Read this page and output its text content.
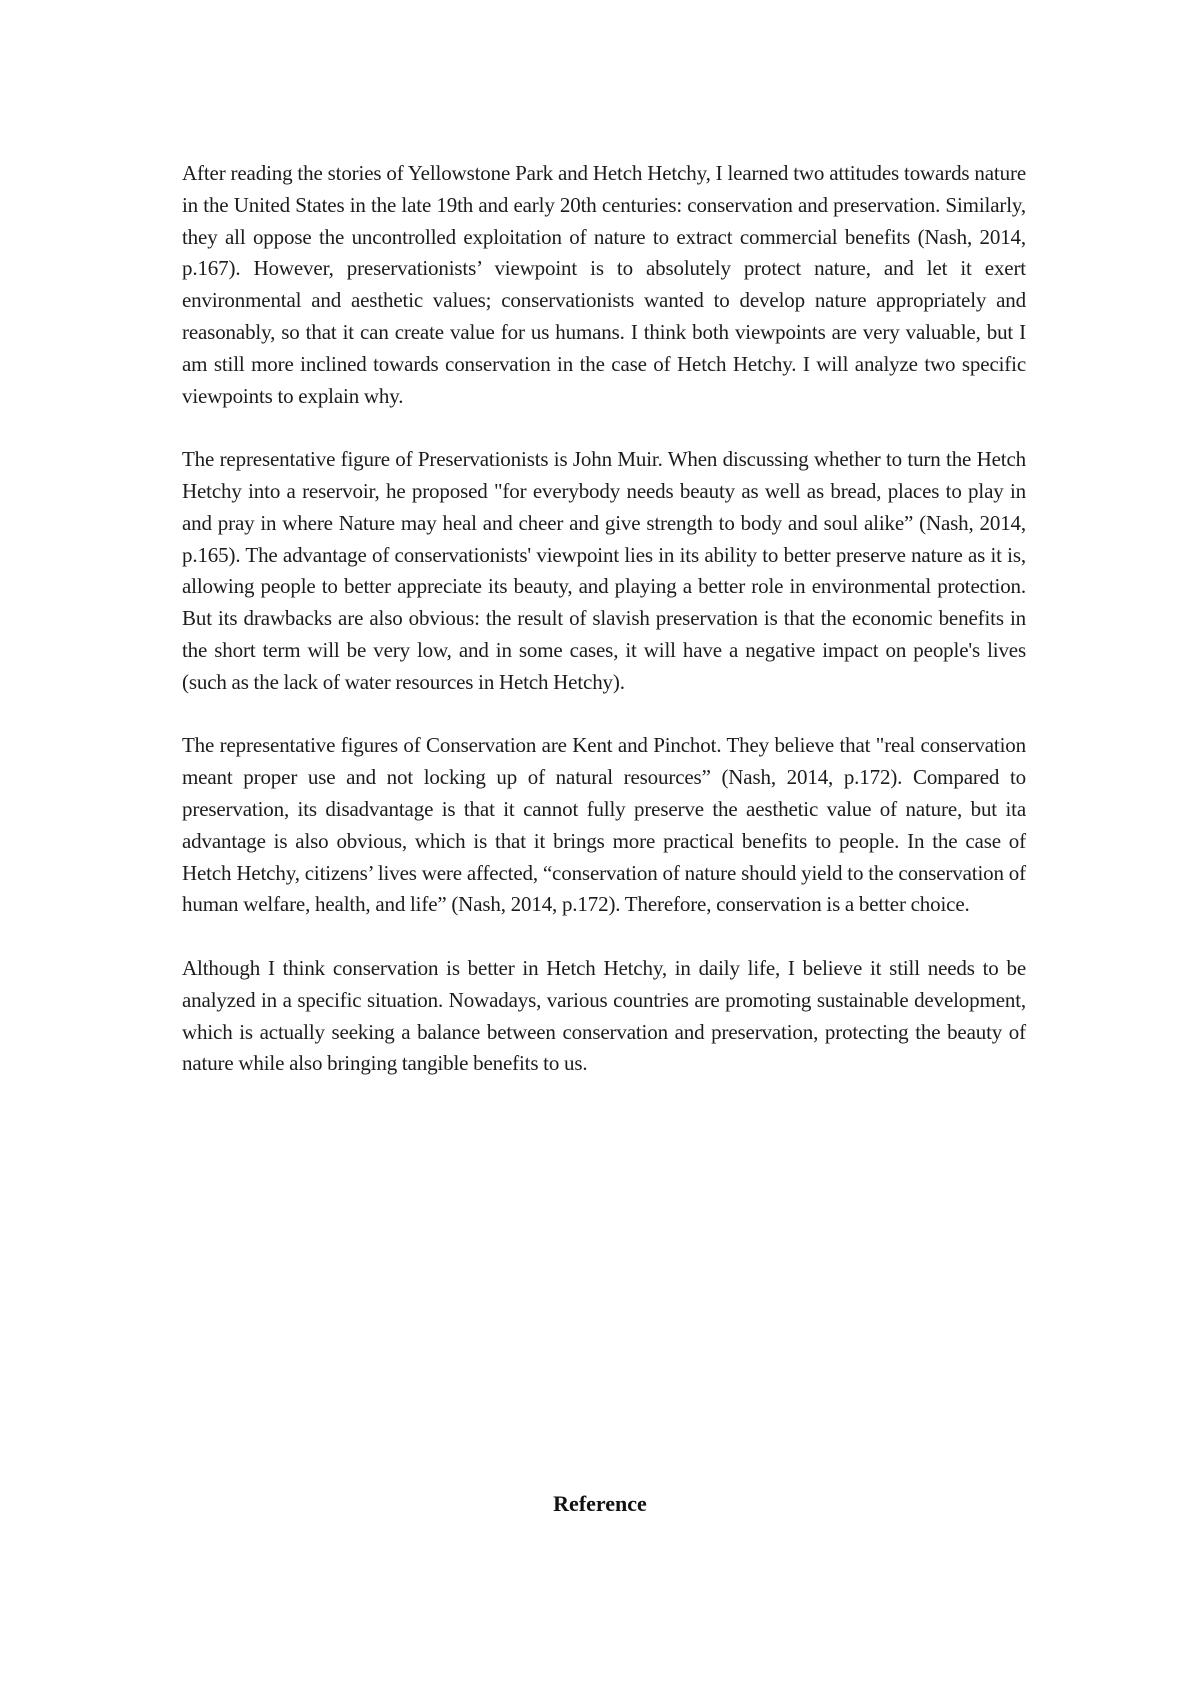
After reading the stories of Yellowstone Park and Hetch Hetchy, I learned two attitudes towards nature in the United States in the late 19th and early 20th centuries: conservation and preservation. Similarly, they all oppose the uncontrolled exploitation of nature to extract commercial benefits (Nash, 2014, p.167). However, preservationists’ viewpoint is to absolutely protect nature, and let it exert environmental and aesthetic values; conservationists wanted to develop nature appropriately and reasonably, so that it can create value for us humans. I think both viewpoints are very valuable, but I am still more inclined towards conservation in the case of Hetch Hetchy. I will analyze two specific viewpoints to explain why.

The representative figure of Preservationists is John Muir. When discussing whether to turn the Hetch Hetchy into a reservoir, he proposed "for everybody needs beauty as well as bread, places to play in and pray in where Nature may heal and cheer and give strength to body and soul alike” (Nash, 2014, p.165). The advantage of conservationists' viewpoint lies in its ability to better preserve nature as it is, allowing people to better appreciate its beauty, and playing a better role in environmental protection. But its drawbacks are also obvious: the result of slavish preservation is that the economic benefits in the short term will be very low, and in some cases, it will have a negative impact on people's lives (such as the lack of water resources in Hetch Hetchy).

The representative figures of Conservation are Kent and Pinchot. They believe that "real conservation meant proper use and not locking up of natural resources” (Nash, 2014, p.172). Compared to preservation, its disadvantage is that it cannot fully preserve the aesthetic value of nature, but ita advantage is also obvious, which is that it brings more practical benefits to people. In the case of Hetch Hetchy, citizens’ lives were affected, “conservation of nature should yield to the conservation of human welfare, health, and life” (Nash, 2014, p.172). Therefore, conservation is a better choice.

Although I think conservation is better in Hetch Hetchy, in daily life, I believe it still needs to be analyzed in a specific situation. Nowadays, various countries are promoting sustainable development, which is actually seeking a balance between conservation and preservation, protecting the beauty of nature while also bringing tangible benefits to us.

Reference
